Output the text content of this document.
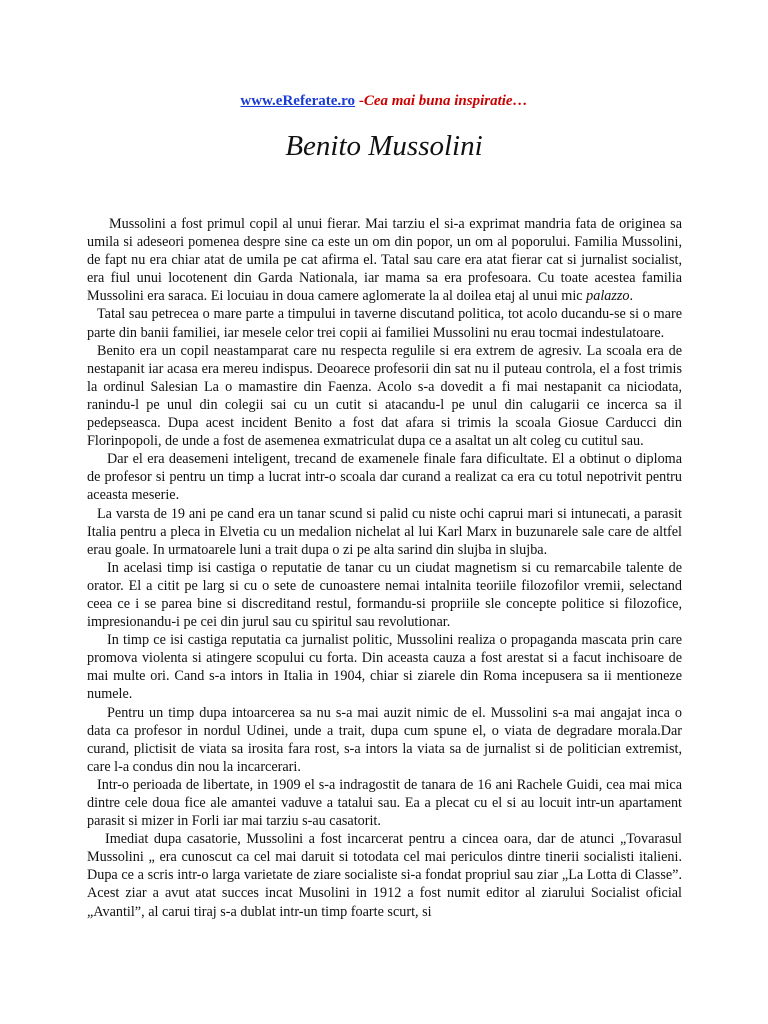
www.eReferate.ro -Cea mai buna inspiratie…
Benito Mussolini

Mussolini a fost primul copil al unui fierar. Mai tarziu el si-a exprimat mandria fata de originea sa umila si adeseori pomenea despre sine ca este un om din popor, un om al poporului. Familia Mussolini, de fapt nu era chiar atat de umila pe cat afirma el. Tatal sau care era atat fierar cat si jurnalist socialist, era fiul unui locotenent din Garda Nationala, iar mama sa era profesoara. Cu toate acestea familia Mussolini era saraca. Ei locuiau in doua camere aglomerate la al doilea etaj al unui mic palazzo.

Tatal sau petrecea o mare parte a timpului in taverne discutand politica, tot acolo ducandu-se si o mare parte din banii familiei, iar mesele celor trei copii ai familiei Mussolini nu erau tocmai indestulatoare.

Benito era un copil neastamparat care nu respecta regulile si era extrem de agresiv. La scoala era de nestapanit iar acasa era mereu indispus. Deoarece profesorii din sat nu il puteau controla, el a fost trimis la ordinul Salesian La o mamastire din Faenza. Acolo s-a dovedit a fi mai nestapanit ca niciodata, ranindu-l pe unul din colegii sai cu un cutit si atacandu-l pe unul din calugarii ce incerca sa il pedepseasca. Dupa acest incident Benito a fost dat afara si trimis la scoala Giosue Carducci din Florinpopoli, de unde a fost de asemenea exmatriculat dupa ce a asaltat un alt coleg cu cutitul sau.

Dar el era deasemeni inteligent, trecand de examenele finale fara dificultate. El a obtinut o diploma de profesor si pentru un timp a lucrat intr-o scoala dar curand a realizat ca era cu totul nepotrivit pentru aceasta meserie.

La varsta de 19 ani pe cand era un tanar scund si palid cu niste ochi caprui mari si intunecati, a parasit Italia pentru a pleca in Elvetia cu un medalion nichelat al lui Karl Marx in buzunarele sale care de altfel erau goale. In urmatoarele luni a trait dupa o zi pe alta sarind din slujba in slujba.

In acelasi timp isi castiga o reputatie de tanar cu un ciudat magnetism si cu remarcabile talente de orator. El a citit pe larg si cu o sete de cunoastere nemai intalnita teoriile filozofilor vremii, selectand ceea ce i se parea bine si discreditand restul, formandu-si propriile sle concepte politice si filozofice, impresionandu-i pe cei din jurul sau cu spiritul sau revolutionar.

In timp ce isi castiga reputatia ca jurnalist politic, Mussolini realiza o propaganda mascata prin care promova violenta si atingere scopului cu forta. Din aceasta cauza a fost arestat si a facut inchisoare de mai multe ori. Cand s-a intors in Italia in 1904, chiar si ziarele din Roma incepusera sa ii mentioneze numele.

Pentru un timp dupa intoarcerea sa nu s-a mai auzit nimic de el. Mussolini s-a mai angajat inca o data ca profesor in nordul Udinei, unde a trait, dupa cum spune el, o viata de degradare morala.Dar curand, plictisit de viata sa irosita fara rost, s-a intors la viata sa de jurnalist si de politician extremist, care l-a condus din nou la incarcerari.

Intr-o perioada de libertate, in 1909 el s-a indragostit de tanara de 16 ani Rachele Guidi, cea mai mica dintre cele doua fice ale amantei vaduve a tatalui sau. Ea a plecat cu el si au locuit intr-un apartament parasit si mizer in Forli iar mai tarziu s-au casatorit.

Imediat dupa casatorie, Mussolini a fost incarcerat pentru a cincea oara, dar de atunci „Tovarasul Mussolini „ era cunoscut ca cel mai daruit si totodata cel mai periculos dintre tinerii socialisti italieni. Dupa ce a scris intr-o larga varietate de ziare socialiste si-a fondat propriul sau ziar „La Lotta di Classe”. Acest ziar a avut atat succes incat Musolini in 1912 a fost numit editor al ziarului Socialist oficial „Avantil”, al carui tiraj s-a dublat intr-un timp foarte scurt, si
